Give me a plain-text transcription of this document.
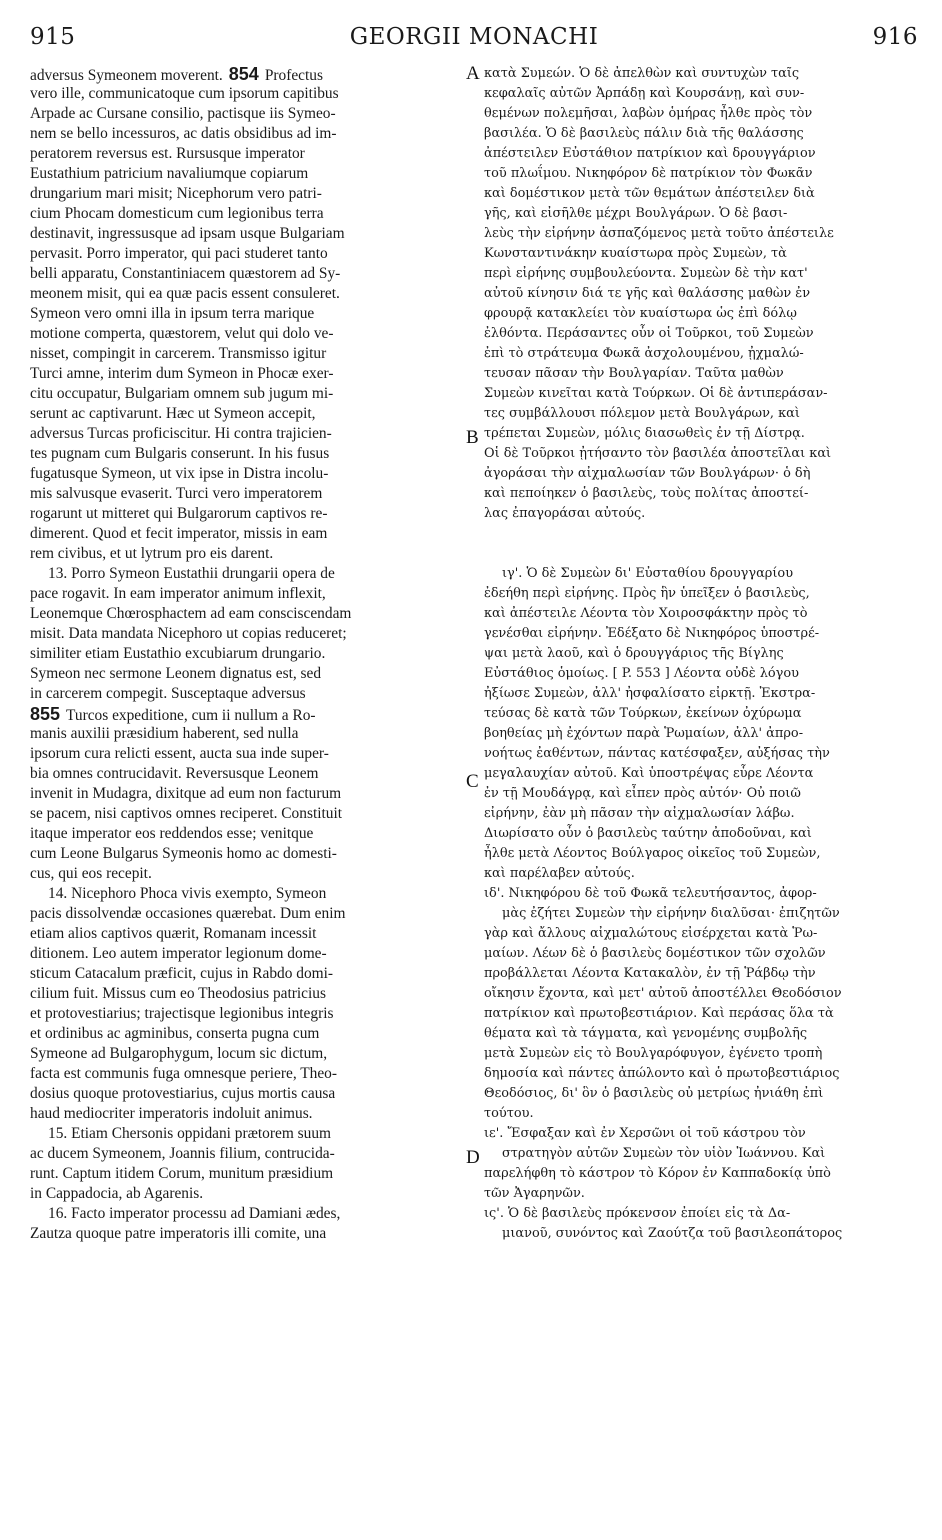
915	GEORGII MONACHI	916
adversus Symeonem moverent. 854 Profectus
vero ille, communicatoque cum ipsorum capitibus
Arpade ac Cursane consilio, pactisque iis Symeo-
nem se bello incessuros, ac datis obsidibus ad im-
peratorem reversus est. Rursusque imperator
Eustathium patricium navaliumque copiarum
drungarium mari misit; Nicephorum vero patri-
cium Phocam domesticum cum legionibus terra
destinavit, ingressusque ad ipsam usque Bulgariam
pervasit. Porro imperator, qui paci studeret tanto
belli apparatu, Constantiniacem quæstorem ad Sy-
meonem misit, qui ea quæ pacis essent consuleret.
Symeon vero omni illa in ipsum terra marique
motione comperta, quæstorem, velut qui dolo ve-
nisset, compingit in carcerem. Transmisso igitur
Turci amne, interim dum Symeon in Phocæ exer-
citu occupatur, Bulgariam omnem sub jugum mi-
serunt ac captivarunt. Hæc ut Symeon accepit,
adversus Turcas proficiscitur. Hi contra trajicien-
tes pugnam cum Bulgaris conserunt. In his fusus
fugatusque Symeon, ut vix ipse in Distra incolu-
mis salvusque evaserit. Turci vero imperatorem
rogarunt ut mitteret qui Bulgarorum captivos re-
dimerent. Quod et fecit imperator, missis in eam
rem civibus, et ut lytrum pro eis darent.
13. Porro Symeon Eustathii drungarii opera de
pace rogavit. In eam imperator animum inflexit,
Leonemque Chœrosphactem ad eam consciscendam
misit. Data mandata Nicephoro ut copias reduceret;
similiter etiam Eustathio excubiarum drungario.
Symeon nec sermone Leonem dignatus est, sed
in carcerem compegit. Susceptaque adversus
855 Turcos expeditione, cum ii nullum a Ro-
manis auxilii præsidium haberent, sed nulla
ipsorum cura relicti essent, aucta sua inde super-
bia omnes contrucidavit. Reversusque Leonem
invenit in Mudagra, dixitque ad eum non facturum
se pacem, nisi captivos omnes reciperet. Constituit
itaque imperator eos reddendos esse; venitque
cum Leone Bulgarus Symeonis homo ac domesti-
cus, qui eos recepit.
14. Nicephoro Phoca vivis exempto, Symeon
pacis dissolvendæ occasiones quærebat. Dum enim
etiam alios captivos quærit, Romanam incessit
ditionem. Leo autem imperator legionum dome-
sticum Catacalum præficit, cujus in Rabdo domi-
cilium fuit. Missus cum eo Theodosius patricius
et protovestiarius; trajectisque legionibus integris
et ordinibus ac agminibus, conserta pugna cum
Symeone ad Bulgarophygum, locum sic dictum,
facta est communis fuga omnesque periere, Theo-
dosius quoque protovestiarius, cujus mortis causa
haud mediocriter imperatoris indoluit animus.
15. Etiam Chersonis oppidani prætorem suum
ac ducem Symeonem, Joannis filium, contrucida-
runt. Captum itidem Corum, munitum præsidium
in Cappadocia, ab Agarenis.
16. Facto imperator processu ad Damiani ædes,
Zautza quoque patre imperatoris illi comite, una
κατὰ Συμεών. Ὁ δὲ ἀπελθὼν καὶ συντυχὼν ταῖς
κεφαλαῖς αὐτῶν Ἀρπάδῃ καὶ Κουρσάνῃ, καὶ συν-
θεμένων πολεμῆσαι, λαβὼν ὁμήρας ἦλθε πρὸς τὸν
βασιλέα. Ὁ δὲ βασιλεὺς πάλιν διὰ τῆς θαλάσσης
ἀπέστειλεν Εὐστάθιον πατρίκιον καὶ δρουγγάριον
τοῦ πλωΐμου. Νικηφόρον δὲ πατρίκιον τὸν Φωκᾶν
καὶ δομέστικον μετὰ τῶν θεμάτων ἀπέστειλεν διὰ
γῆς, καὶ εἰσῆλθε μέχρι Βουλγάρων. Ὁ δὲ βασι-
λεὺς τὴν εἰρήνην ἀσπαζόμενος μετὰ τοῦτο ἀπέστειλε
Κωνσταντινάκην κυαίστωρα πρὸς Συμεὼν, τὰ
περὶ εἰρήνης συμβουλεύοντα. Συμεὼν δὲ τὴν κατ'
αὐτοῦ κίνησιν διά τε γῆς καὶ θαλάσσης μαθὼν ἐν
φρουρᾷ κατακλείει τὸν κυαίστωρα ὡς ἐπὶ δόλῳ
ἐλθόντα. Περάσαντες οὖν οἱ Τοῦρκοι, τοῦ Συμεὼν
ἐπὶ τὸ στράτευμα Φωκᾶ ἀσχολουμένου, ᾐχμαλώ-
τευσαν πᾶσαν τὴν Βουλγαρίαν. Ταῦτα μαθὼν
Συμεὼν κινεῖται κατὰ Τούρκων. Οἱ δὲ ἀντιπεράσαν-
τες συμβάλλουσι πόλεμον μετὰ Βουλγάρων, καὶ
τρέπεται Συμεὼν, μόλις διασωθεὶς ἐν τῇ Δίστρᾳ.
Οἱ δὲ Τοῦρκοι ᾐτήσαντο τὸν βασιλέα ἀποστεῖλαι καὶ
ἀγοράσαι τὴν αἰχμαλωσίαν τῶν Βουλγάρων· ὁ δὴ
καὶ πεποίηκεν ὁ βασιλεὺς, τοὺς πολίτας ἀποστεί-
λας ἐπαγοράσαι αὐτούς.

ιγ'. Ὁ δὲ Συμεὼν δι' Εὐσταθίου δρουγγαρίου
ἐδεήθη περὶ εἰρήνης. Πρὸς ἣν ὑπεῖξεν ὁ βασιλεὺς,
καὶ ἀπέστειλε Λέοντα τὸν Χοιροσφάκτην πρὸς τὸ
γενέσθαι εἰρήνην. Ἐδέξατο δὲ Νικηφόρος ὑποστρέ-
ψαι μετὰ λαοῦ, καὶ ὁ δρουγγάριος τῆς Βίγλης
Εὐστάθιος ὁμοίως. [ P. 553 ] Λέοντα οὐδὲ λόγου
ἠξίωσε Συμεὼν, ἀλλ' ἠσφαλίσατο εἰρκτῇ. Ἐκστρα-
τεύσας δὲ κατὰ τῶν Τούρκων, ἐκείνων ὀχύρωμα
βοηθείας μὴ ἐχόντων παρὰ Ῥωμαίων, ἀλλ' ἀπρο-
νοήτως ἐαθέντων, πάντας κατέσφαξεν, αὐξήσας τὴν
μεγαλαυχίαν αὐτοῦ. Καὶ ὑποστρέψας εὗρε Λέοντα
ἐν τῇ Μουδάγρᾳ, καὶ εἶπεν πρὸς αὐτόν· Οὐ ποιῶ
εἰρήνην, ἐὰν μὴ πᾶσαν τὴν αἰχμαλωσίαν λάβω.
Διωρίσατο οὖν ὁ βασιλεὺς ταύτην ἀποδοῦναι, καὶ
ἦλθε μετὰ Λέοντος Βούλγαρος οἰκεῖος τοῦ Συμεὼν,
καὶ παρέλαβεν αὐτούς.
ιδ'. Νικηφόρου δὲ τοῦ Φωκᾶ τελευτήσαντος, ἀφορ-
μὰς ἐζήτει Συμεὼν τὴν εἰρήνην διαλῦσαι· ἐπιζητῶν
γὰρ καὶ ἄλλους αἰχμαλώτους εἰσέρχεται κατὰ Ῥω-
μαίων. Λέων δὲ ὁ βασιλεὺς δομέστικον τῶν σχολῶν
προβάλλεται Λέοντα Κατακαλὸν, ἐν τῇ Ῥάβδῳ τὴν
οἴκησιν ἔχοντα, καὶ μετ' αὐτοῦ ἀποστέλλει Θεοδόσιον
πατρίκιον καὶ πρωτοβεστιάριον. Καὶ περάσας ὅλα τὰ
θέματα καὶ τὰ τάγματα, καὶ γενομένης συμβολῆς
μετὰ Συμεὼν εἰς τὸ Βουλγαρόφυγον, ἐγένετο τροπὴ
δημοσία καὶ πάντες ἀπώλοντο καὶ ὁ πρωτοβεστιάριος
Θεοδόσιος, δι' ὃν ὁ βασιλεὺς οὐ μετρίως ἠνιάθη ἐπὶ
τούτου.
ιε'. Ἔσφαξαν καὶ ἐν Χερσῶνι οἱ τοῦ κάστρου τὸν
στρατηγὸν αὐτῶν Συμεὼν τὸν υἱὸν Ἰωάννου. Καὶ
παρελήφθη τὸ κάστρον τὸ Κόρον ἐν Καππαδοκίᾳ ὑπὸ
τῶν Ἀγαρηνῶν.
ις'. Ὁ δὲ βασιλεὺς πρόκενσον ἐποίει εἰς τὰ Δα-
μιανοῦ, συνόντος καὶ Ζαούτζα τοῦ βασιλεοπάτορος
A
B
C
D
